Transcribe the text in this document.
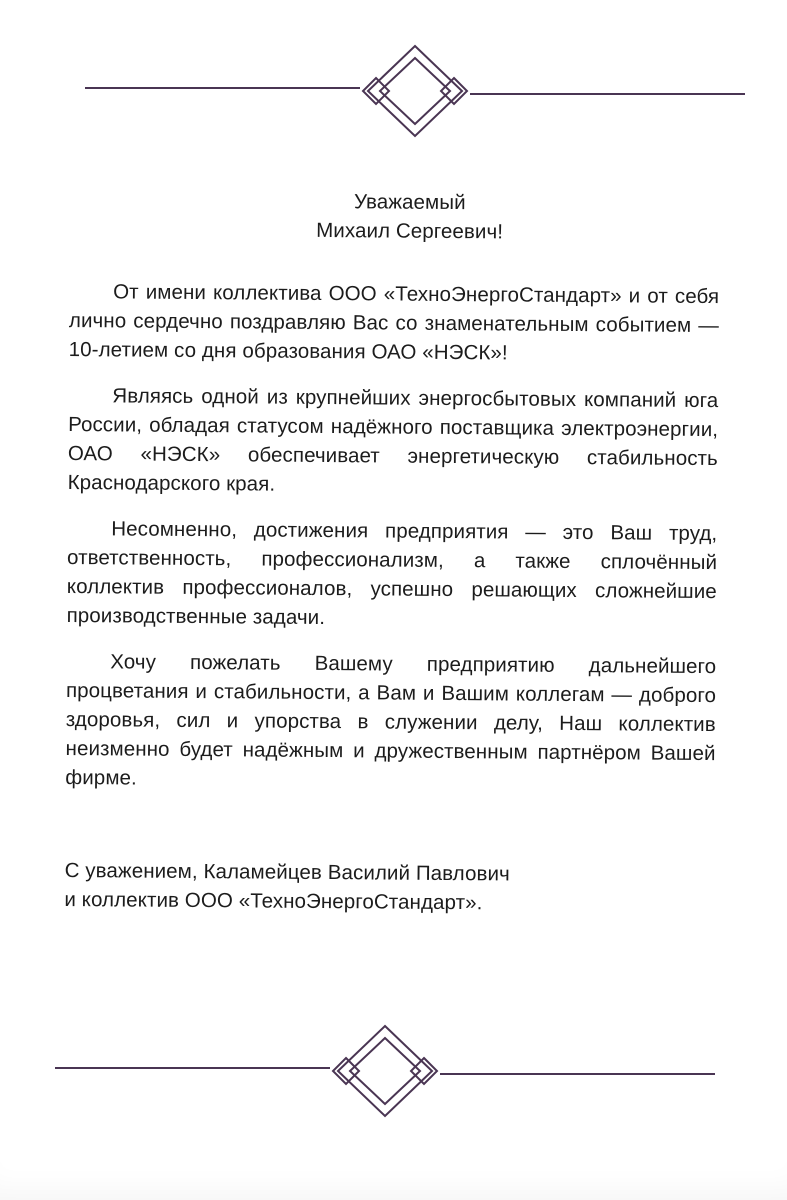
Уважаемый
Михаил Сергеевич!

От имени коллектива ООО «ТехноЭнергоСтандарт» и от себя лично сердечно поздравляю Вас со знаменательным событием — 10-летием со дня образования ОАО «НЭСК»!

Являясь одной из крупнейших энергосбытовых компаний юга России, обладая статусом надёжного поставщика электроэнергии, ОАО «НЭСК» обеспечивает энергетическую стабильность Краснодарского края.

Несомненно, достижения предприятия — это Ваш труд, ответственность, профессионализм, а также сплочённый коллектив профессионалов, успешно решающих сложнейшие производственные задачи.

Хочу пожелать Вашему предприятию дальнейшего процветания и стабильности, а Вам и Вашим коллегам — доброго здоровья, сил и упорства в служении делу, Наш коллектив неизменно будет надёжным и дружественным партнёром Вашей фирме.

С уважением, Каламейцев Василий Павлович
и коллектив ООО «ТехноЭнергоСтандарт».
